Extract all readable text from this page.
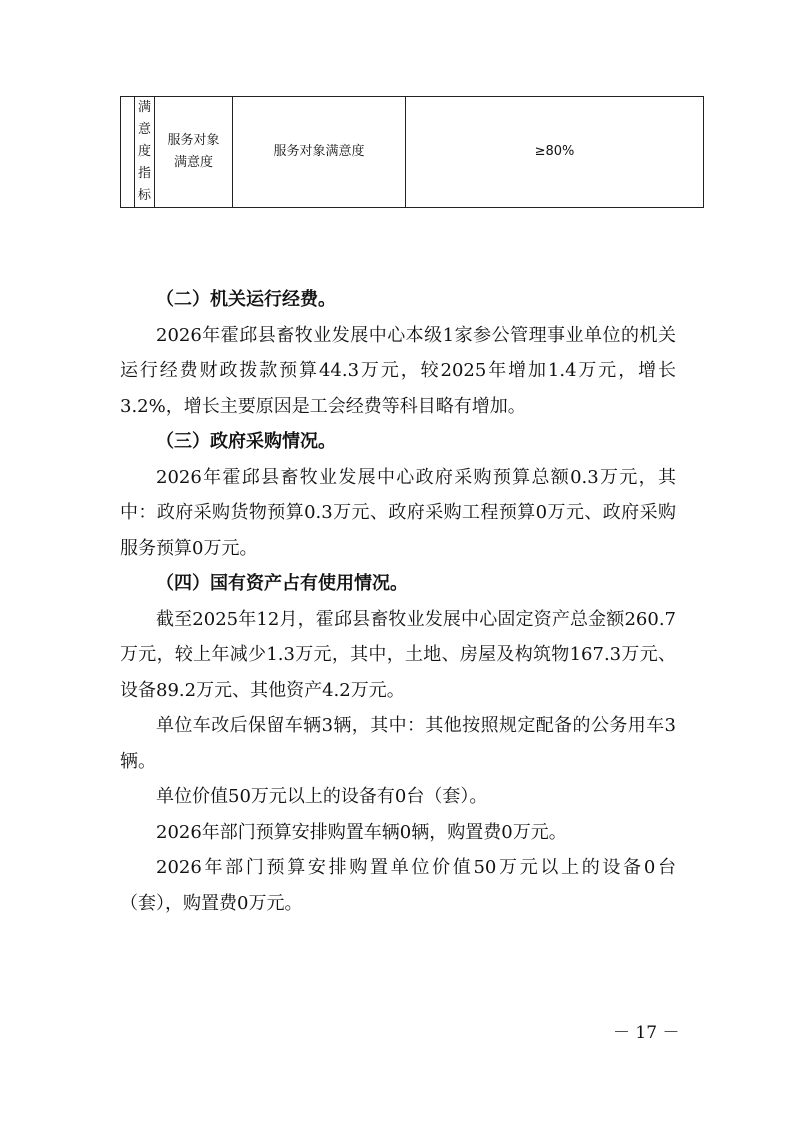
	满意度指标	服务对象满意度	服务对象满意度	≥80%

（二）机关运行经费。

2026年霍邱县畜牧业发展中心本级1家参公管理事业单位的机关运行经费财政拨款预算44.3万元，较2025年增加1.4万元，增长3.2%，增长主要原因是工会经费等科目略有增加。

（三）政府采购情况。

2026年霍邱县畜牧业发展中心政府采购预算总额0.3万元，其中：政府采购货物预算0.3万元、政府采购工程预算0万元、政府采购服务预算0万元。

（四）国有资产占有使用情况。

截至2025年12月，霍邱县畜牧业发展中心固定资产总金额260.7万元，较上年减少1.3万元，其中，土地、房屋及构筑物167.3万元、设备89.2万元、其他资产4.2万元。

单位车改后保留车辆3辆，其中：其他按照规定配备的公务用车3辆。

单位价值50万元以上的设备有0台（套）。

2026年部门预算安排购置车辆0辆，购置费0万元。

2026年部门预算安排购置单位价值50万元以上的设备0台（套），购置费0万元。

－ 17 －
